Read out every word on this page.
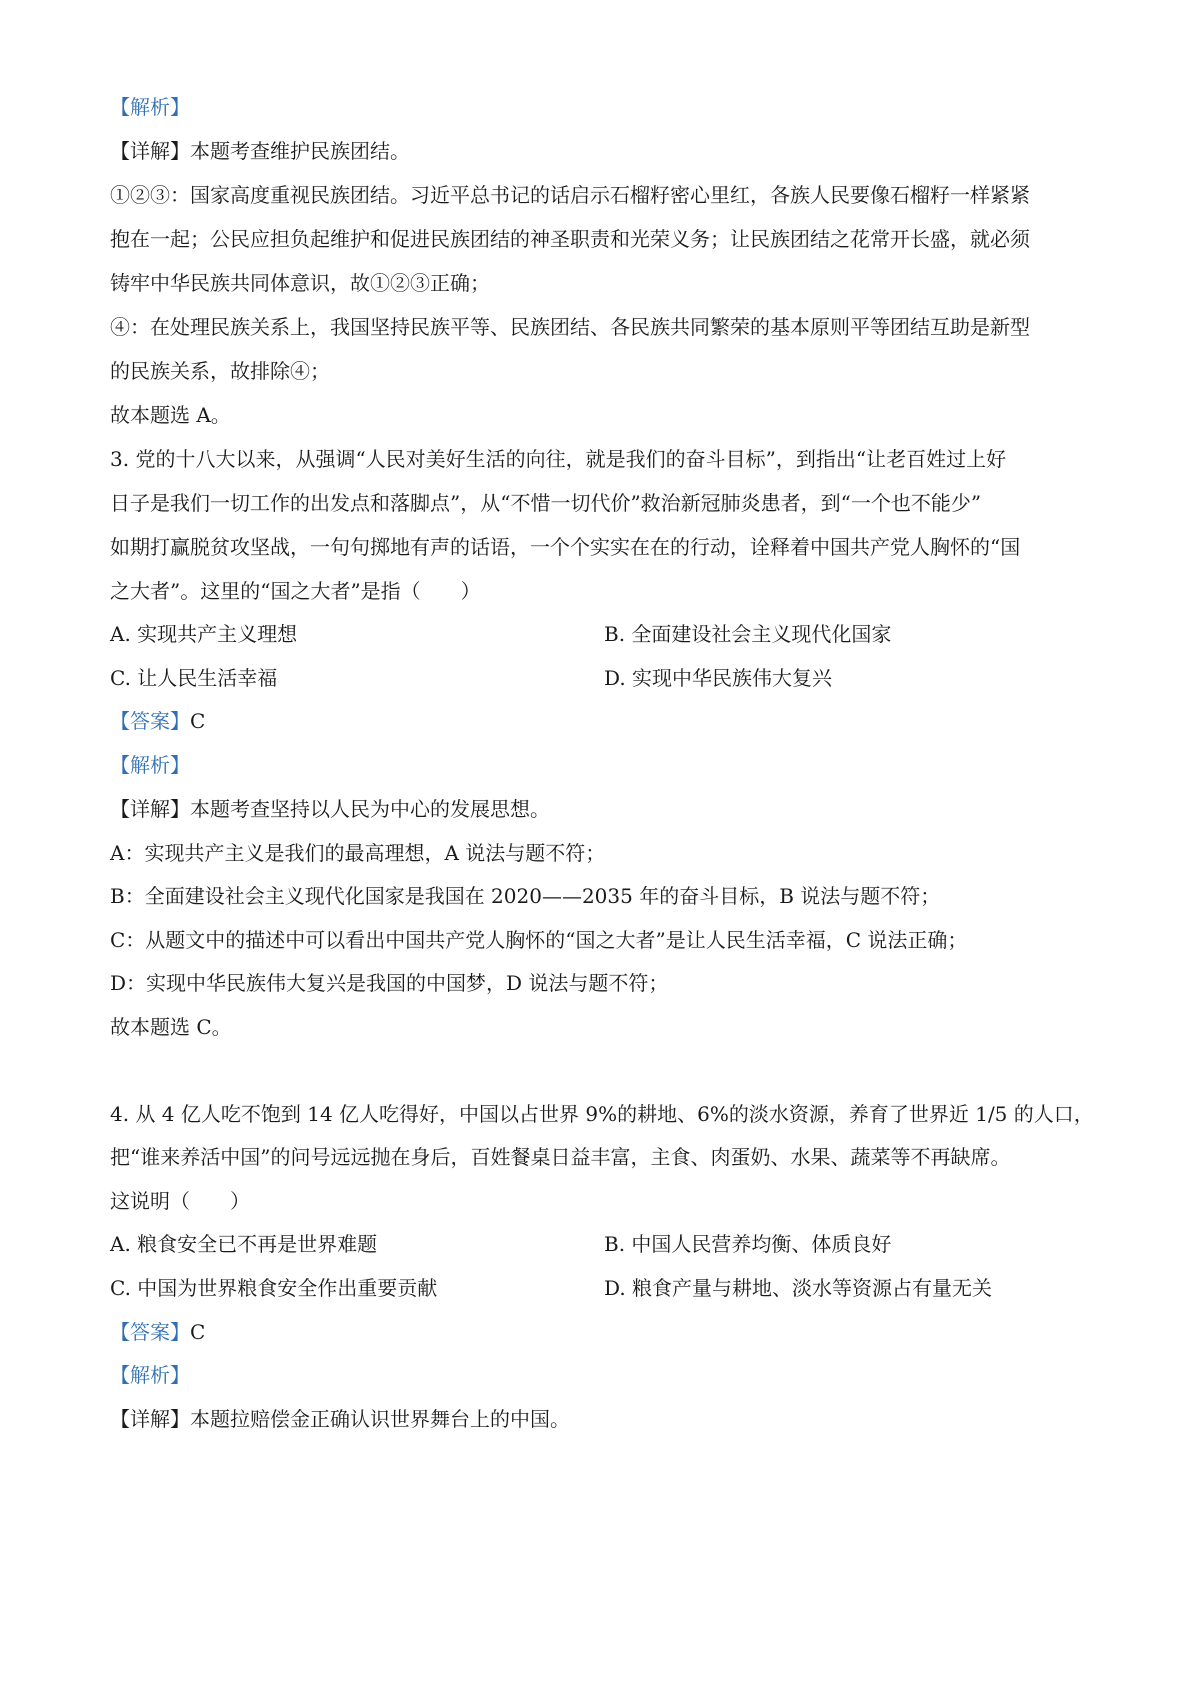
【解析】
【详解】本题考查维护民族团结。
①②③：国家高度重视民族团结。习近平总书记的话启示石榴籽密心里红，各族人民要像石榴籽一样紧紧
抱在一起；公民应担负起维护和促进民族团结的神圣职责和光荣义务；让民族团结之花常开长盛，就必须
铸牢中华民族共同体意识，故①②③正确；
④：在处理民族关系上，我国坚持民族平等、民族团结、各民族共同繁荣的基本原则平等团结互助是新型
的民族关系，故排除④；
故本题选 A。
3. 党的十八大以来，从强调“人民对美好生活的向往，就是我们的奋斗目标”，到指出“让老百姓过上好
日子是我们一切工作的出发点和落脚点”，从“不惜一切代价”救治新冠肺炎患者，到“一个也不能少”
如期打赢脱贫攻坚战，一句句掷地有声的话语，一个个实实在在的行动，诠释着中国共产党人胸怀的“国
之大者”。这里的“国之大者”是指（　　）
A. 实现共产主义理想	B. 全面建设社会主义现代化国家
C. 让人民生活幸福	D. 实现中华民族伟大复兴
【答案】C
【解析】
【详解】本题考查坚持以人民为中心的发展思想。
A：实现共产主义是我们的最高理想，A 说法与题不符；
B：全面建设社会主义现代化国家是我国在 2020——2035 年的奋斗目标，B 说法与题不符；
C：从题文中的描述中可以看出中国共产党人胸怀的“国之大者”是让人民生活幸福，C 说法正确；
D：实现中华民族伟大复兴是我国的中国梦，D 说法与题不符；
故本题选 C。
4. 从 4 亿人吃不饱到 14 亿人吃得好，中国以占世界 9%的耕地、6%的淡水资源，养育了世界近 1/5 的人口，
把“谁来养活中国”的问号远远抛在身后，百姓餐桌日益丰富，主食、肉蛋奶、水果、蔬菜等不再缺席。
这说明（　　）
A. 粮食安全已不再是世界难题	B. 中国人民营养均衡、体质良好
C. 中国为世界粮食安全作出重要贡献	D. 粮食产量与耕地、淡水等资源占有量无关
【答案】C
【解析】
【详解】本题拉赔偿金正确认识世界舞台上的中国。
